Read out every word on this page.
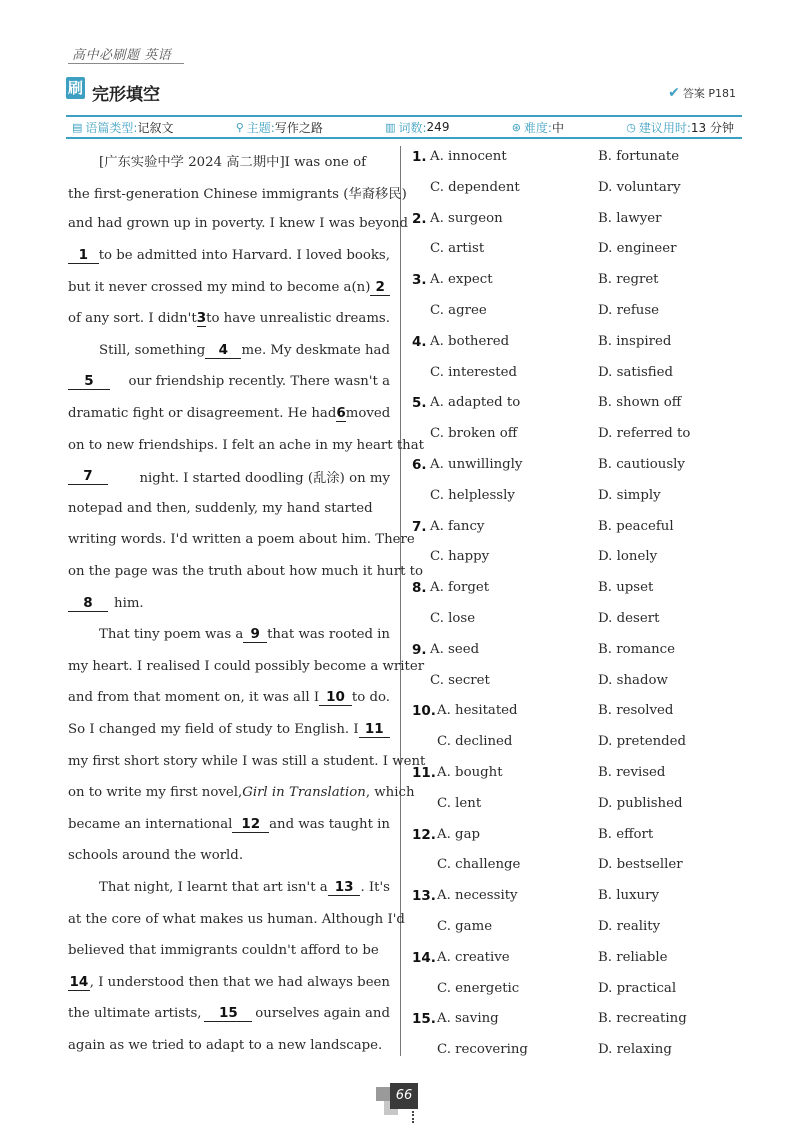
高中必刷题 英语
刷 完形填空	✔ 答案 P181
▤ 语篇类型: 记叙文	⚲ 主题: 写作之路	▥ 词数: 249	⊛ 难度: 中	◷ 建议用时: 13 分钟
[广东实验中学 2024 高二期中]I was one of
the first-generation Chinese immigrants (华裔移民)
and had grown up in poverty. I knew I was beyond
1 to be admitted into Harvard. I loved books,
but it never crossed my mind to become a(n) 2
of any sort. I didn't 3 to have unrealistic dreams.
Still, something 4	me. My deskmate had
5	our friendship recently. There wasn't a
dramatic fight or disagreement. He had 6 moved
on to new friendships. I felt an ache in my heart that
7	night. I started doodling (乱涂) on my
notepad and then, suddenly, my hand started
writing words. I'd written a poem about him. There
on the page was the truth about how much it hurt to
8	him.
That tiny poem was a 9 that was rooted in
my heart. I realised I could possibly become a writer
and from that moment on, it was all I 10 to do.
So I changed my field of study to English. I 11
my first short story while I was still a student. I went
on to write my first novel, Girl in Translation , which
became an international 12 and was taught in
schools around the world.
That night, I learnt that art isn't a 13 . It's
at the core of what makes us human. Although I'd
believed that immigrants couldn't afford to be
14 , I understood then that we had always been
the ultimate artists,	15	ourselves again and
again as we tried to adapt to a new landscape.
1. A. innocent	B. fortunate
C. dependent	D. voluntary
2. A. surgeon	B. lawyer
C. artist	D. engineer
3. A. expect	B. regret
C. agree	D. refuse
4. A. bothered	B. inspired
C. interested	D. satisfied
5. A. adapted to	B. shown off
C. broken off	D. referred to
6. A. unwillingly	B. cautiously
C. helplessly	D. simply
7. A. fancy	B. peaceful
C. happy	D. lonely
8. A. forget	B. upset
C. lose	D. desert
9. A. seed	B. romance
C. secret	D. shadow
10. A. hesitated	B. resolved
C. declined	D. pretended
11. A. bought	B. revised
C. lent	D. published
12. A. gap	B. effort
C. challenge	D. bestseller
13. A. necessity	B. luxury
C. game	D. reality
14. A. creative	B. reliable
C. energetic	D. practical
15. A. saving	B. recreating
C. recovering	D. relaxing
66
